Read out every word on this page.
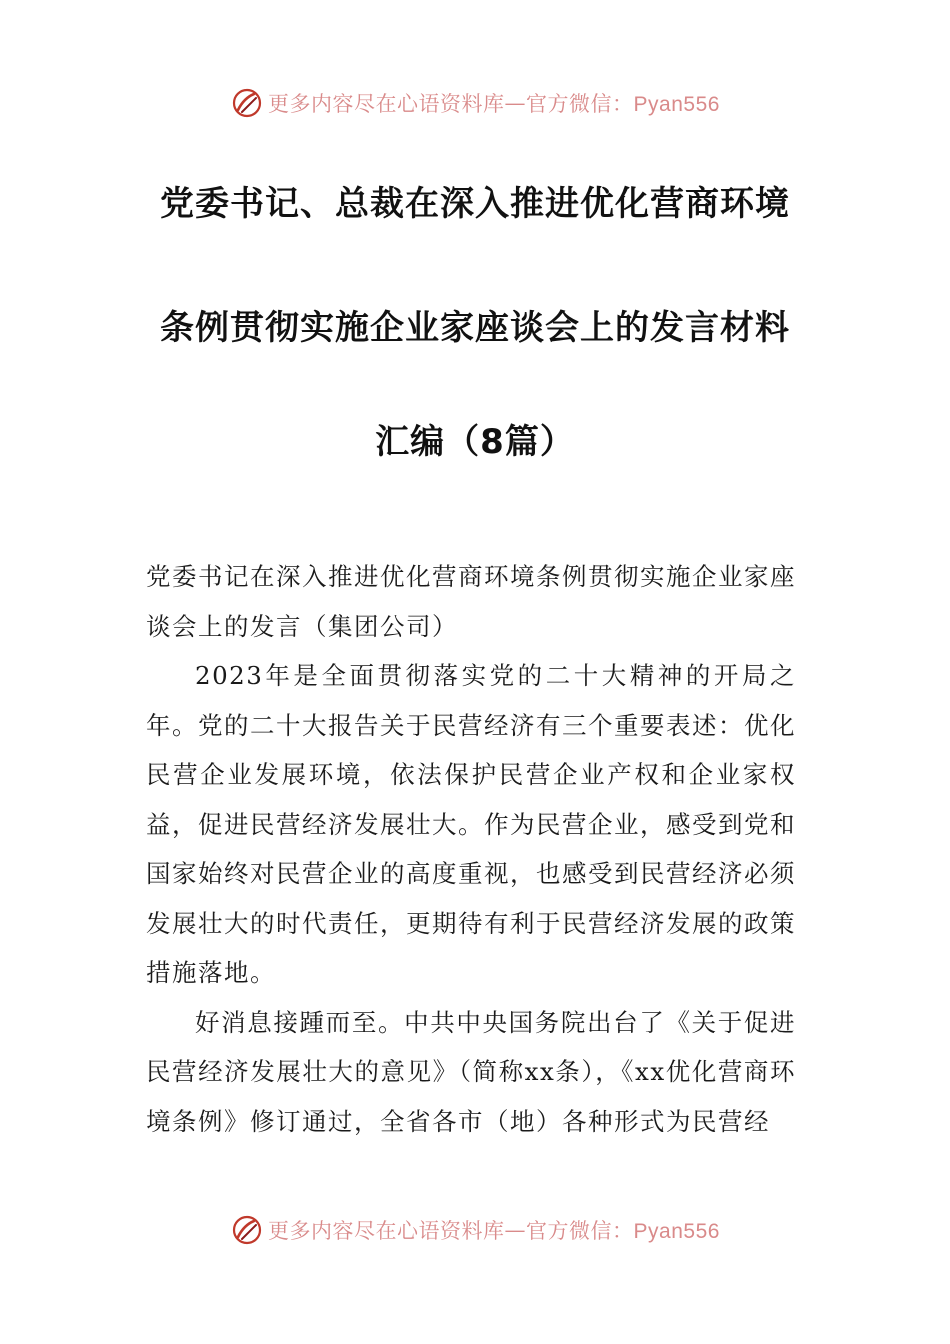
更多内容尽在心语资料库 — 官方微信：Pyan556
党委书记、总裁在深入推进优化营商环境
条例贯彻实施企业家座谈会上的发言材料
汇编（8篇）

党委书记在深入推进优化营商环境条例贯彻实施企业家座谈会上的发言（集团公司）

2023年是全面贯彻落实党的二十大精神的开局之年。党的二十大报告关于民营经济有三个重要表述：优化民营企业发展环境，依法保护民营企业产权和企业家权益，促进民营经济发展壮大。作为民营企业，感受到党和国家始终对民营企业的高度重视，也感受到民营经济必须发展壮大的时代责任，更期待有利于民营经济发展的政策措施落地。

好消息接踵而至。中共中央国务院出台了《关于促进民营经济发展壮大的意见》（简称xx条），《xx优化营商环境条例》修订通过，全省各市（地）各种形式为民营经

更多内容尽在心语资料库 — 官方微信：Pyan556
